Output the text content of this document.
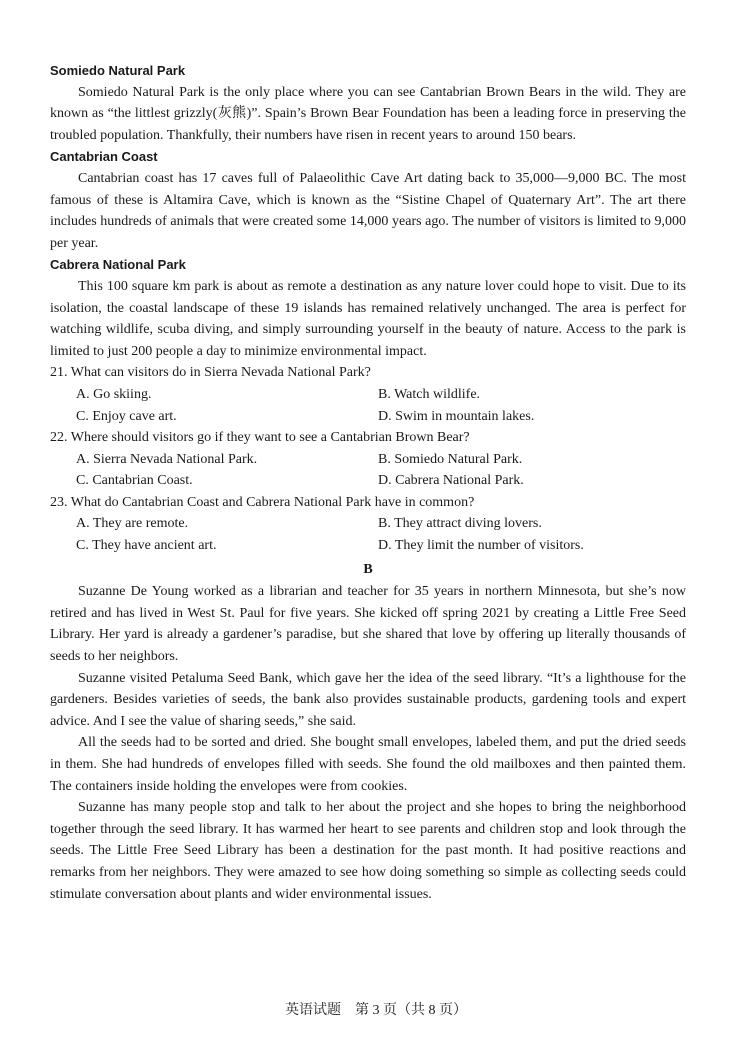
Somiedo Natural Park

Somiedo Natural Park is the only place where you can see Cantabrian Brown Bears in the wild. They are known as “the littlest grizzly(灰熊)”. Spain’s Brown Bear Foundation has been a leading force in preserving the troubled population. Thankfully, their numbers have risen in recent years to around 150 bears.

Cantabrian Coast

Cantabrian coast has 17 caves full of Palaeolithic Cave Art dating back to 35,000—9,000 BC. The most famous of these is Altamira Cave, which is known as the “Sistine Chapel of Quaternary Art”. The art there includes hundreds of animals that were created some 14,000 years ago. The number of visitors is limited to 9,000 per year.

Cabrera National Park

This 100 square km park is about as remote a destination as any nature lover could hope to visit. Due to its isolation, the coastal landscape of these 19 islands has remained relatively unchanged. The area is perfect for watching wildlife, scuba diving, and simply surrounding yourself in the beauty of nature. Access to the park is limited to just 200 people a day to minimize environmental impact.

21. What can visitors do in Sierra Nevada National Park?

A. Go skiing.	B. Watch wildlife.
C. Enjoy cave art.	D. Swim in mountain lakes.

22. Where should visitors go if they want to see a Cantabrian Brown Bear?

A. Sierra Nevada National Park.	B. Somiedo Natural Park.
C. Cantabrian Coast.	D. Cabrera National Park.

23. What do Cantabrian Coast and Cabrera National Park have in common?

A. They are remote.	B. They attract diving lovers.
C. They have ancient art.	D. They limit the number of visitors.
B

Suzanne De Young worked as a librarian and teacher for 35 years in northern Minnesota, but she’s now retired and has lived in West St. Paul for five years. She kicked off spring 2021 by creating a Little Free Seed Library. Her yard is already a gardener’s paradise, but she shared that love by offering up literally thousands of seeds to her neighbors.

Suzanne visited Petaluma Seed Bank, which gave her the idea of the seed library. “It’s a lighthouse for the gardeners. Besides varieties of seeds, the bank also provides sustainable products, gardening tools and expert advice. And I see the value of sharing seeds,” she said.

All the seeds had to be sorted and dried. She bought small envelopes, labeled them, and put the dried seeds in them. She had hundreds of envelopes filled with seeds. She found the old mailboxes and then painted them. The containers inside holding the envelopes were from cookies.

Suzanne has many people stop and talk to her about the project and she hopes to bring the neighborhood together through the seed library. It has warmed her heart to see parents and children stop and look through the seeds. The Little Free Seed Library has been a destination for the past month. It had positive reactions and remarks from her neighbors. They were amazed to see how doing something so simple as collecting seeds could stimulate conversation about plants and wider environmental issues.

英语试题　第 3 页（共 8 页）
